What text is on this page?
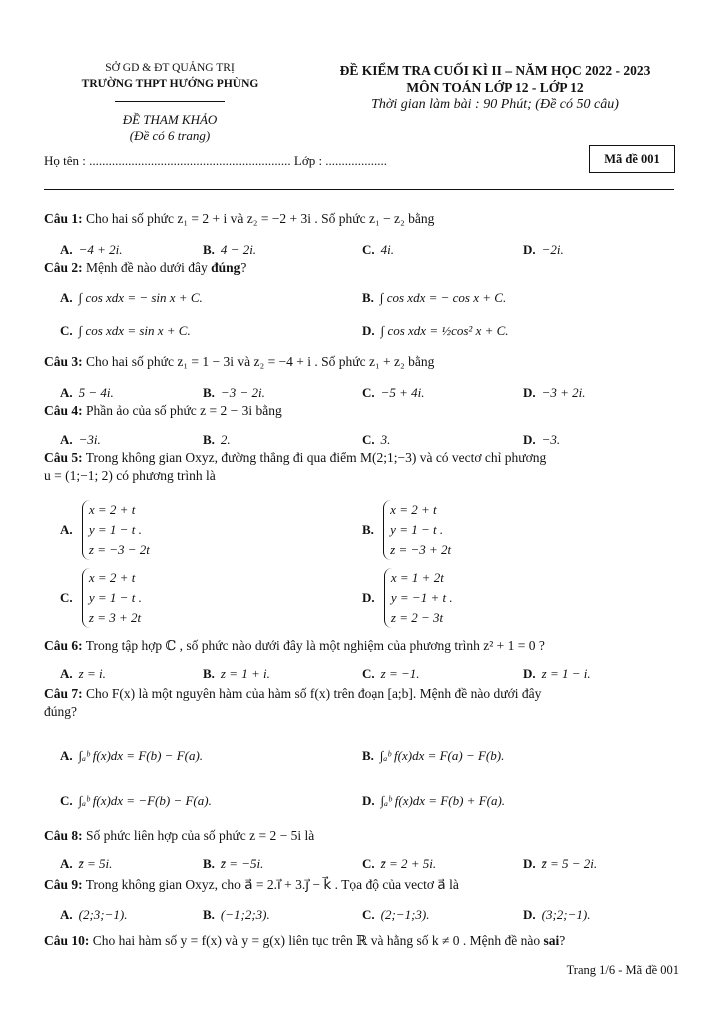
SỞ GD & ĐT QUẢNG TRỊ
TRƯỜNG THPT HƯỚNG PHÙNG
ĐỀ THAM KHẢO
(Đề có 6 trang)
ĐỀ KIỂM TRA CUỐI KÌ II – NĂM HỌC 2022 - 2023
MÔN TOÁN LỚP 12 - LỚP 12
Thời gian làm bài : 90 Phút; (Đề có 50 câu)
Họ tên : .............................................................. Lớp : ...................	Mã đề 001
Câu 1: Cho hai số phức z₁ = 2 + i và z₂ = −2 + 3i . Số phức z₁ − z₂ bằng
A. −4 + 2i.	B. 4 − 2i.	C. 4i.	D. −2i.
Câu 2: Mệnh đề nào dưới đây đúng?
A. ∫ cos xdx = − sin x + C.	B. ∫ cos xdx = − cos x + C.
C. ∫ cos xdx = sin x + C.	D. ∫ cos xdx = ½cos² x + C.
Câu 3: Cho hai số phức z₁ = 1 − 3i và z₂ = −4 + i . Số phức z₁ + z₂ bằng
A. 5 − 4i.	B. −3 − 2i.	C. −5 + 4i.	D. −3 + 2i.
Câu 4: Phần ảo của số phức z = 2 − 3i bằng
A. −3i.	B. 2.	C. 3.	D. −3.
Câu 5: Trong không gian Oxyz, đường thẳng đi qua điểm M(2;1;−3) và có vectơ chỉ phương
u = (1;−1; 2) có phương trình là
A. x = 2 + t
y = 1 − t .
z = −3 − 2t
B. x = 2 + t
y = 1 − t .
z = −3 + 2t
C. x = 2 + t
y = 1 − t .
z = 3 + 2t
D. x = 1 + 2t
y = −1 + t .
z = 2 − 3t
Câu 6: Trong tập hợp ℂ , số phức nào dưới đây là một nghiệm của phương trình z² + 1 = 0 ?
A. z = i.	B. z = 1 + i.	C. z = −1.	D. z = 1 − i.
Câu 7: Cho F(x) là một nguyên hàm của hàm số f(x) trên đoạn [a;b]. Mệnh đề nào dưới đây
đúng?
A. ∫ₐᵇ f(x)dx = F(b) − F(a).	B. ∫ₐᵇ f(x)dx = F(a) − F(b).
C. ∫ₐᵇ f(x)dx = −F(b) − F(a).	D. ∫ₐᵇ f(x)dx = F(b) + F(a).
Câu 8: Số phức liên hợp của số phức z = 2 − 5i là
A. z̄ = 5i.	B. z̄ = −5i.	C. z̄ = 2 + 5i.	D. z̄ = 5 − 2i.
Câu 9: Trong không gian Oxyz, cho a⃗ = 2.i⃗ + 3.j⃗ − k⃗ . Tọa độ của vectơ a⃗ là
A. (2;3;−1).	B. (−1;2;3).	C. (2;−1;3).	D. (3;2;−1).
Câu 10: Cho hai hàm số y = f(x) và y = g(x) liên tục trên ℝ và hằng số k ≠ 0 . Mệnh đề nào sai?
Trang 1/6 - Mã đề 001
